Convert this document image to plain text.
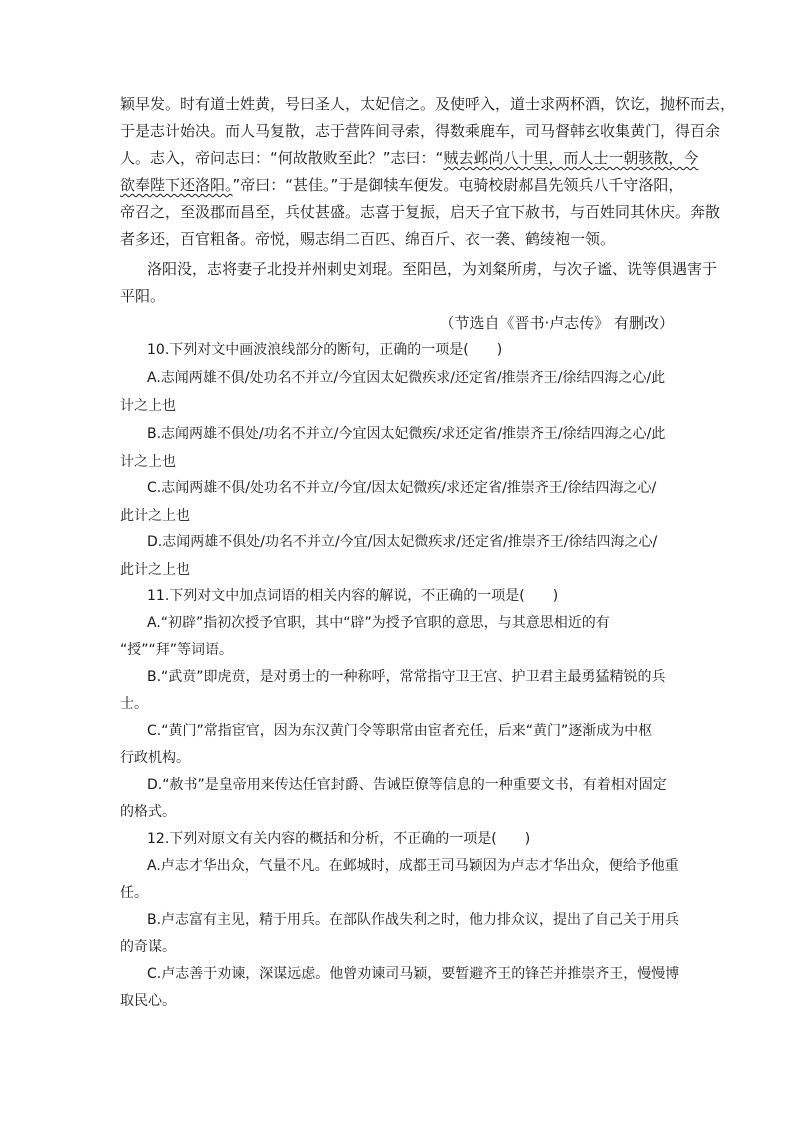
颖早发。时有道士姓黄，号曰圣人，太妃信之。及使呼入，道士求两杯酒，饮讫，抛杯而去，
于是志计始决。而人马复散，志于营阵间寻索，得数乘鹿车，司马督韩玄收集黄门，得百余
人。志入，帝问志曰：“何故散败至此？”志曰：“贼去邺尚八十里，而人士一朝骇散，今
欲奉陛下还洛阳。”帝曰：“甚佳。”于是御犊车便发。屯骑校尉郝昌先领兵八千守洛阳，
帝召之，至汲郡而昌至，兵仗甚盛。志喜于复振，启天子宜下赦书，与百姓同其休庆。奔散
者多还，百官粗备。帝悦，赐志绢二百匹、绵百斤、衣一袭、鹤绫袍一领。
洛阳没，志将妻子北投并州刺史刘琨。至阳邑，为刘粲所虏，与次子谧、诜等俱遇害于
平阳。
（节选自《晋书·卢志传》 有删改）
10.下列对文中画波浪线部分的断句，正确的一项是(　　)
A.志闻两雄不俱/处功名不并立/今宜因太妃微疾求/还定省/推崇齐王/徐结四海之心/此
计之上也
B.志闻两雄不俱处/功名不并立/今宜因太妃微疾/求还定省/推崇齐王/徐结四海之心/此
计之上也
C.志闻两雄不俱/处功名不并立/今宜/因太妃微疾/求还定省/推崇齐王/徐结四海之心/
此计之上也
D.志闻两雄不俱处/功名不并立/今宜/因太妃微疾求/还定省/推崇齐王/徐结四海之心/
此计之上也
11.下列对文中加点词语的相关内容的解说，不正确的一项是(　　)
A.“初辟”指初次授予官职，其中“辟”为授予官职的意思，与其意思相近的有
“授”“拜”等词语。
B.“武贲”即虎贲，是对勇士的一种称呼，常常指守卫王宫、护卫君主最勇猛精锐的兵
士。
C.“黄门”常指宦官，因为东汉黄门令等职常由宦者充任，后来“黄门”逐渐成为中枢
行政机构。
D.“赦书”是皇帝用来传达任官封爵、告诫臣僚等信息的一种重要文书，有着相对固定
的格式。
12.下列对原文有关内容的概括和分析，不正确的一项是(　　)
A.卢志才华出众，气量不凡。在邺城时，成都王司马颖因为卢志才华出众，便给予他重
任。
B.卢志富有主见，精于用兵。在部队作战失利之时，他力排众议，提出了自己关于用兵
的奇谋。
C.卢志善于劝谏，深谋远虑。他曾劝谏司马颖，要暂避齐王的锋芒并推崇齐王，慢慢博
取民心。
